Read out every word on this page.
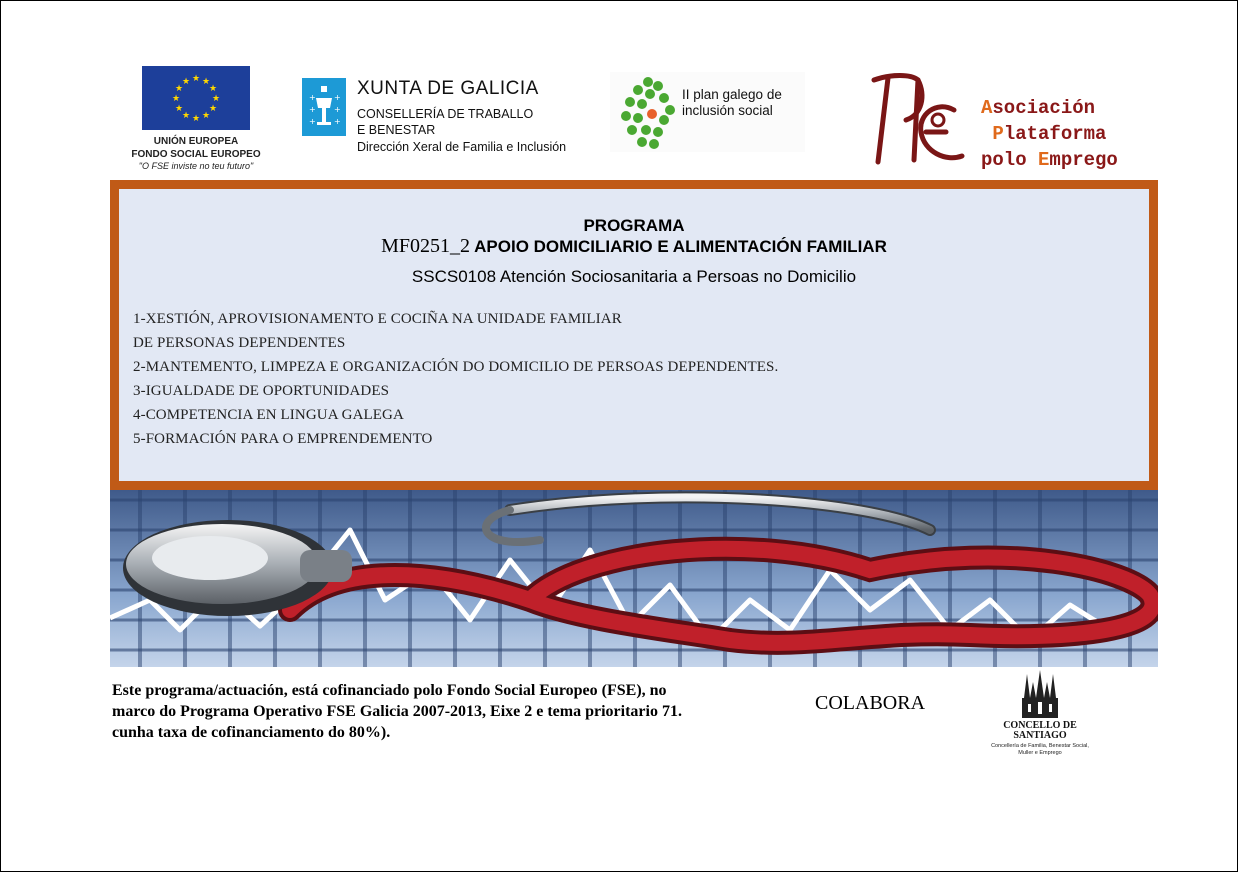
★ ★
★
★
★
★
★
★
★
★
★
★
UNIÓN EUROPEA
FONDO SOCIAL EUROPEO
"O FSE inviste no teu futuro"
+ +
+ +
+ +
XUNTA DE GALICIA
CONSELLERÍA DE TRABALLO
E BENESTAR
Dirección Xeral de Familia e Inclusión
II plan galego de
inclusión social	Asociación
Plataforma
polo Emprego
PROGRAMA
MF0251_2 APOIO DOMICILIARIO E ALIMENTACIÓN FAMILIAR
SSCS0108 Atención Sociosanitaria a Persoas no Domicilio
1-XESTIÓN, APROVISIONAMENTO E COCIÑA NA UNIDADE FAMILIAR
DE PERSONAS DEPENDENTES
2-MANTEMENTO, LIMPEZA E ORGANIZACIÓN DO DOMICILIO DE PERSOAS DEPENDENTES.
3-IGUALDADE DE OPORTUNIDADES
4-COMPETENCIA EN LINGUA GALEGA
5-FORMACIÓN PARA O EMPRENDEMENTO

Este programa/actuación, está cofinanciado polo Fondo Social Europeo (FSE), no
marco do Programa Operativo FSE Galicia 2007-2013, Eixe 2 e tema prioritario 71.
cunha taxa de cofinanciamento do 80%).

COLABORA
CONCELLO DE
SANTIAGO
Concellería de Familia, Benestar Social,
Muller e Emprego
